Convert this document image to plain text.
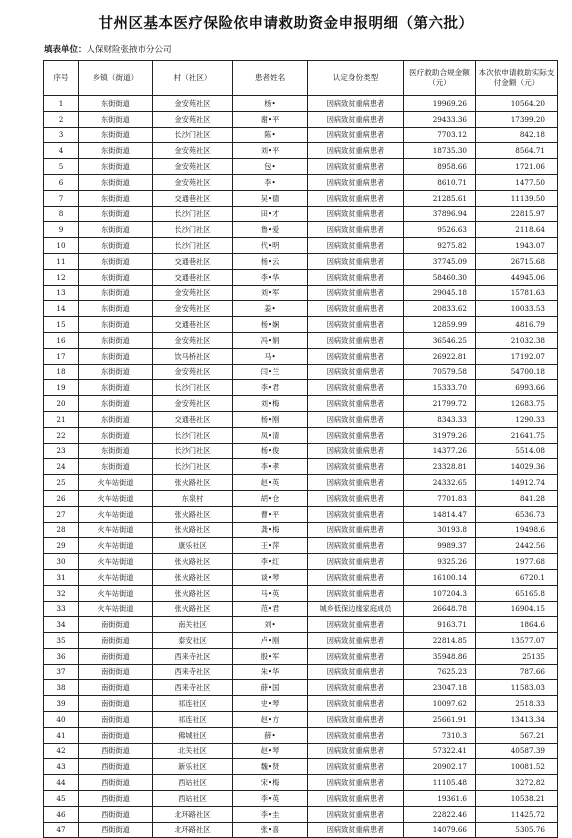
甘州区基本医疗保险依申请救助资金申报明细（第六批）
填表单位：人保财险张掖市分公司
序号	乡镇（街道）	村（社区）	患者姓名	认定身份类型	医疗救助合规金额（元）	本次依申请救助实际支付金额（元）
1	东街街道	金安苑社区	杨•	因病致贫重病患者	19969.26	10564.20
2	东街街道	金安苑社区	谢•平	因病致贫重病患者	29433.36	17399.20
3	东街街道	长沙门社区	陈•	因病致贫重病患者	7703.12	842.18
4	东街街道	金安苑社区	刘•平	因病致贫重病患者	18735.30	8564.71
5	东街街道	金安苑社区	包•	因病致贫重病患者	8958.66	1721.06
6	东街街道	金安苑社区	李•	因病致贫重病患者	8610.71	1477.50
7	东街街道	交通巷社区	吴•德	因病致贫重病患者	21285.61	11139.50
8	东街街道	长沙门社区	田•才	因病致贫重病患者	37896.94	22815.97
9	东街街道	长沙门社区	鲁•爱	因病致贫重病患者	9526.63	2118.64
10	东街街道	长沙门社区	代•明	因病致贫重病患者	9275.82	1943.07
11	东街街道	交通巷社区	杨•云	因病致贫重病患者	37745.09	26715.68
12	东街街道	交通巷社区	李•华	因病致贫重病患者	58460.30	44945.06
13	东街街道	金安苑社区	刘•军	因病致贫重病患者	29045.18	15781.63
14	东街街道	金安苑社区	姜•	因病致贫重病患者	20833.62	10033.53
15	东街街道	交通巷社区	杨•娴	因病致贫重病患者	12859.99	4816.79
16	东街街道	金安苑社区	冯•娟	因病致贫重病患者	36546.25	21032.38
17	东街街道	饮马桥社区	马•	因病致贫重病患者	26922.81	17192.07
18	东街街道	金安苑社区	闫•兰	因病致贫重病患者	70579.58	54700.18
19	东街街道	长沙门社区	李•君	因病致贫重病患者	15333.70	6993.66
20	东街街道	金安苑社区	刘•梅	因病致贫重病患者	21799.72	12683.75
21	东街街道	交通巷社区	杨•刚	因病致贫重病患者	8343.33	1290.33
22	东街街道	长沙门社区	凤•清	因病致贫重病患者	31979.26	21641.75
23	东街街道	长沙门社区	杨•俊	因病致贫重病患者	14377.26	5514.08
24	东街街道	长沙门社区	李•孝	因病致贫重病患者	23328.81	14029.36
25	火车站街道	张火路社区	赵•英	因病致贫重病患者	24332.65	14912.74
26	火车站街道	东泉村	胡•仓	因病致贫重病患者	7701.83	841.28
27	火车站街道	张火路社区	曹•平	因病致贫重病患者	14814.47	6536.73
28	火车站街道	张火路社区	龚•梅	因病致贫重病患者	30193.8	19498.6
29	火车站街道	康乐社区	王•萍	因病致贫重病患者	9989.37	2442.56
30	火车站街道	张火路社区	李•红	因病致贫重病患者	9325.26	1977.68
31	火车站街道	张火路社区	谈•琴	因病致贫重病患者	16100.14	6720.1
32	火车站街道	张火路社区	马•英	因病致贫重病患者	107204.3	65165.8
33	火车站街道	张火路社区	范•君	城乡低保边缘家庭成员	26648.78	16904.15
34	南街街道	南关社区	刘•	因病致贫重病患者	9163.71	1864.6
35	南街街道	泰安社区	卢•刚	因病致贫重病患者	22814.85	13577.07
36	南街街道	西来寺社区	殷•军	因病致贫重病患者	35948.86	25135
37	南街街道	西来寺社区	朱•华	因病致贫重病患者	7625.23	787.66
38	南街街道	西来寺社区	薛•国	因病致贫重病患者	23047.18	11583.03
39	南街街道	祁连社区	史•琴	因病致贫重病患者	10097.62	2518.33
40	南街街道	祁连社区	赵•方	因病致贫重病患者	25661.91	13413.34
41	南街街道	佛城社区	薛•	因病致贫重病患者	7310.3	567.21
42	西街街道	北关社区	赵•琴	因病致贫重病患者	57322.41	40587.39
43	西街街道	新乐社区	魏•贤	因病致贫重病患者	20902.17	10081.52
44	西街街道	西站社区	宋•梅	因病致贫重病患者	11105.48	3272.82
45	西街街道	西站社区	李•英	因病致贫重病患者	19361.6	10538.21
46	西街街道	北环路社区	李•圭	因病致贫重病患者	22822.46	11425.72
47	西街街道	北环路社区	张•喜	因病致贫重病患者	14079.66	5305.76
